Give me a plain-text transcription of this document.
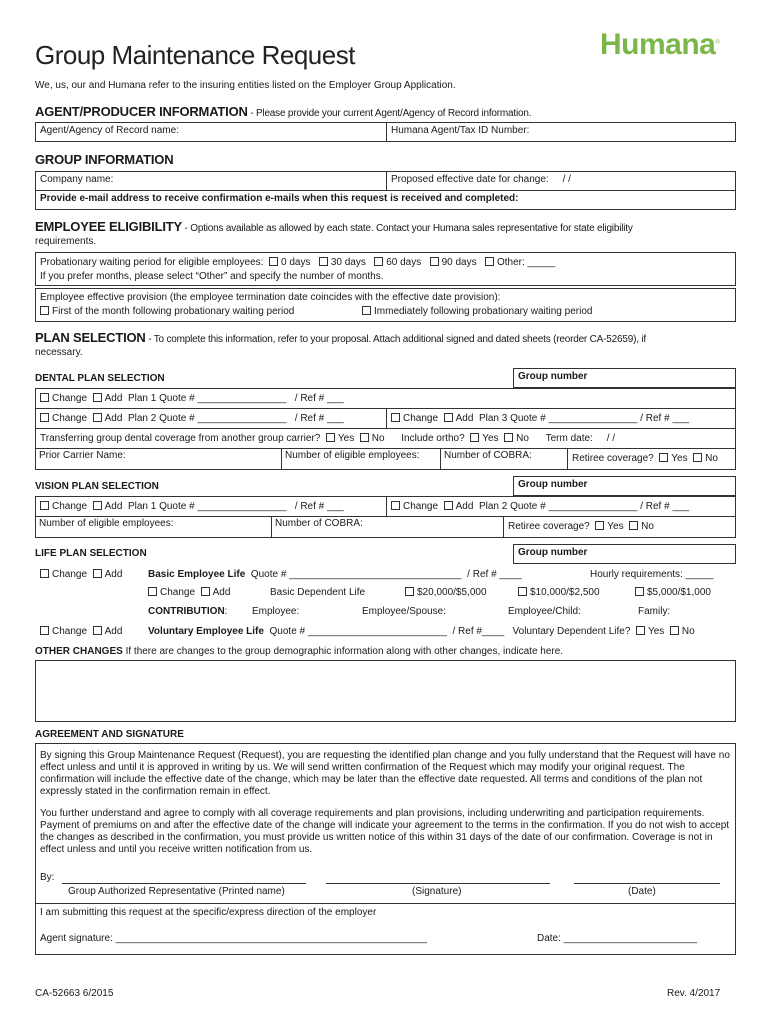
Group Maintenance Request	Humana®
We, us, our and Humana refer to the insuring entities listed on the Employer Group Application.
AGENT/PRODUCER INFORMATION - Please provide your current Agent/Agency of Record information.
Agent/Agency of Record name:	Humana Agent/Tax ID Number:
GROUP INFORMATION
Company name:	Proposed effective date for change: / /
Provide e-mail address to receive confirmation e-mails when this request is received and completed:
EMPLOYEE ELIGIBILITY - Options available as allowed by each state. Contact your Humana sales representative for state eligibility
requirements.
Probationary waiting period for eligible employees: 0 days 30 days 60 days 90 days Other: _____
If you prefer months, please select “Other” and specify the number of months.
Employee effective provision (the employee termination date coincides with the effective date provision):
First of the month following probationary waiting period	Immediately following probationary waiting period
PLAN SELECTION - To complete this information, refer to your proposal. Attach additional signed and dated sheets (reorder CA-52659), if
necessary.
DENTAL PLAN SELECTION	Group number
Change Add Plan 1 Quote # ________________ / Ref # ___
Change Add Plan 2 Quote # ________________ / Ref # ___	Change Add Plan 3 Quote # ________________ / Ref # ___
Transferring group dental coverage from another group carrier? Yes No Include ortho? Yes No Term date: / /
Prior Carrier Name:	Number of eligible employees:	Number of COBRA:	Retiree coverage? Yes No
VISION PLAN SELECTION	Group number
Change Add Plan 1 Quote # ________________ / Ref # ___	Change Add Plan 2 Quote # ________________ / Ref # ___
Number of eligible employees:	Number of COBRA:	Retiree coverage? Yes No
LIFE PLAN SELECTION	Group number
Change Add	Basic Employee Life Quote # _______________________________ / Ref # ____	Hourly requirements: _____
Change Add	Basic Dependent Life	$20,000/$5,000	$10,000/$2,500	$5,000/$1,000
CONTRIBUTION: Employee:	Employee/Spouse:	Employee/Child:	Family:
Change Add	Voluntary Employee Life Quote # _________________________ / Ref #____ Voluntary Dependent Life? Yes No
OTHER CHANGES If there are changes to the group demographic information along with other changes, indicate here.
AGREEMENT AND SIGNATURE
By signing this Group Maintenance Request (Request), you are requesting the identified plan change and you fully understand that the Request will have no effect unless and until it is approved in writing by us. We will send written confirmation of the Request which may modify your original request. The confirmation will include the effective date of the change, which may be later than the effective date requested. All terms and conditions of the plan not expressly stated in the confirmation remain in effect.
You further understand and agree to comply with all coverage requirements and plan provisions, including underwriting and participation requirements. Payment of premiums on and after the effective date of the change will indicate your agreement to the terms in the confirmation. If you do not wish to accept the changes as described in the confirmation, you must provide us written notice of this within 31 days of the date of our confirmation. Coverage is not in effect unless and until you receive written notification from us.
By:
Group Authorized Representative (Printed name)	(Signature)	(Date)
I am submitting this request at the specific/express direction of the employer
Agent signature: ________________________________________________________	Date: ________________________
CA-52663 6/2015	Rev. 4/2017
